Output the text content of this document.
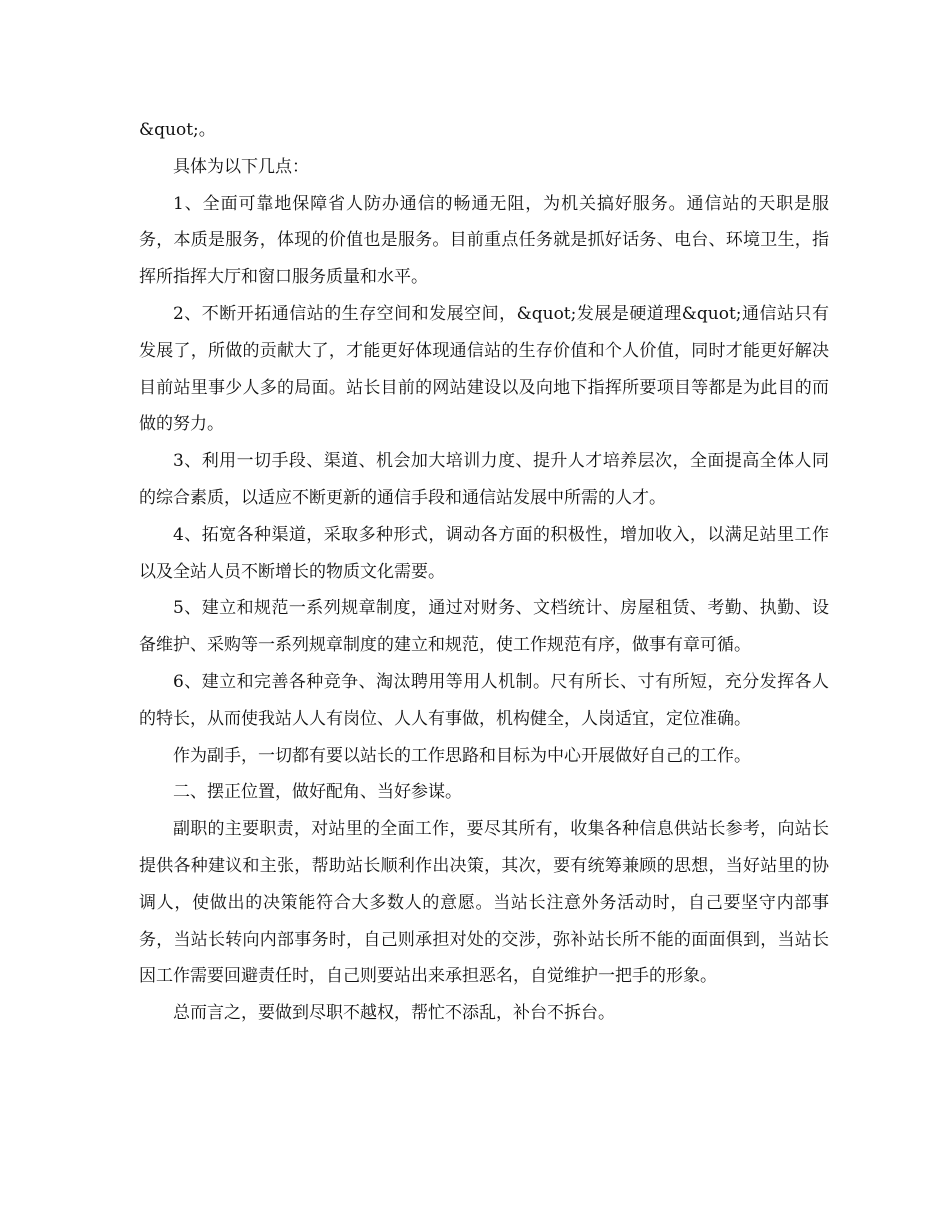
&quot;。

具体为以下几点：

1、全面可靠地保障省人防办通信的畅通无阻，为机关搞好服务。通信站的天职是服务，本质是服务，体现的价值也是服务。目前重点任务就是抓好话务、电台、环境卫生，指挥所指挥大厅和窗口服务质量和水平。

2、不断开拓通信站的生存空间和发展空间，&quot;发展是硬道理&quot;通信站只有发展了，所做的贡献大了，才能更好体现通信站的生存价值和个人价值，同时才能更好解决目前站里事少人多的局面。站长目前的网站建设以及向地下指挥所要项目等都是为此目的而做的努力。

3、利用一切手段、渠道、机会加大培训力度、提升人才培养层次，全面提高全体人同的综合素质，以适应不断更新的通信手段和通信站发展中所需的人才。

4、拓宽各种渠道，采取多种形式，调动各方面的积极性，增加收入，以满足站里工作以及全站人员不断增长的物质文化需要。

5、建立和规范一系列规章制度，通过对财务、文档统计、房屋租赁、考勤、执勤、设备维护、采购等一系列规章制度的建立和规范，使工作规范有序，做事有章可循。

6、建立和完善各种竞争、淘汰聘用等用人机制。尺有所长、寸有所短，充分发挥各人的特长，从而使我站人人有岗位、人人有事做，机构健全，人岗适宜，定位准确。

作为副手，一切都有要以站长的工作思路和目标为中心开展做好自己的工作。

二、摆正位置，做好配角、当好参谋。

副职的主要职责，对站里的全面工作，要尽其所有，收集各种信息供站长参考，向站长提供各种建议和主张，帮助站长顺利作出决策，其次，要有统筹兼顾的思想，当好站里的协调人，使做出的决策能符合大多数人的意愿。当站长注意外务活动时，自己要坚守内部事务，当站长转向内部事务时，自己则承担对处的交涉，弥补站长所不能的面面俱到，当站长因工作需要回避责任时，自己则要站出来承担恶名，自觉维护一把手的形象。

总而言之，要做到尽职不越权，帮忙不添乱，补台不拆台。
